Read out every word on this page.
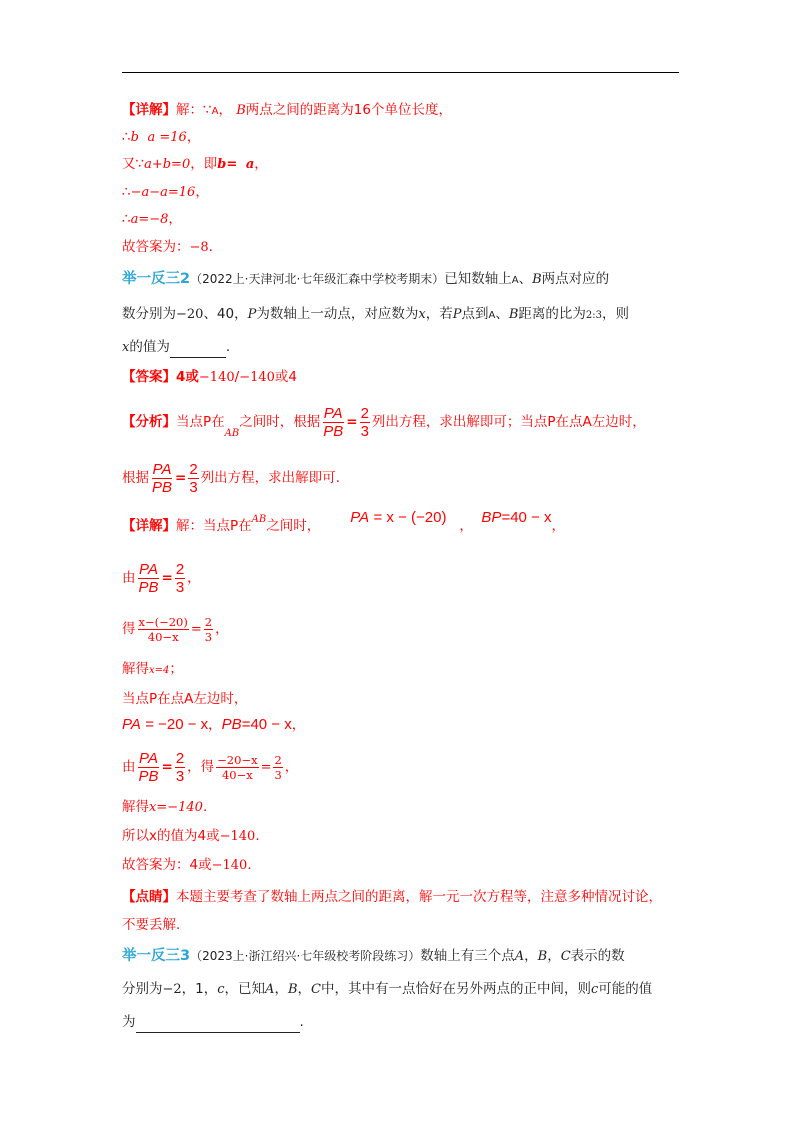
【详解】解：∵A， B两点之间的距离为16个单位长度，
∴b a =16，
又∵a+b=0，即b= a，
∴−a−a=16，
∴a=−8，
故答案为：−8．
举一反三2（2022上·天津河北·七年级汇森中学校考期末）已知数轴上A、B两点对应的
数分别为−20、40，P为数轴上一动点，对应数为x，若P点到A、B距离的比为2:3，则
x的值为	.
【答案】4或−140/−140或4
【分析】当点P在$_{AB}$之间时，根据 $\frac{PA}{PB} = \frac{2}{3}$ 列出方程，求出解即可；当点P在点A左边时，
根据 $\frac{PA}{PB} = \frac{2}{3}$ 列出方程，求出解即可.
【详解】解：当点P在$^{AB}$之间时， PA = x − (−20) ， BP=40 − x，
由 $\frac{PA}{PB} = \frac{2}{3}$ ，
得 $\frac{x-(-20)}{40-x} = \frac{2}{3}$ ，
解得x=4；
当点P在点A左边时，
PA = −20 − x，PB=40 − x，
由 $\frac{PA}{PB} = \frac{2}{3}$ ，得 $\frac{-20-x}{40-x} = \frac{2}{3}$ ，
解得x=−140.
所以x的值为4或−140.
故答案为：4或−140.
【点睛】本题主要考查了数轴上两点之间的距离，解一元一次方程等，注意多种情况讨论，
不要丢解.
举一反三3（2023上·浙江绍兴·七年级校考阶段练习）数轴上有三个点A，B，C表示的数
分别为−2，1，c，已知A，B，C中，其中有一点恰好在另外两点的正中间，则c可能的值
为	.
